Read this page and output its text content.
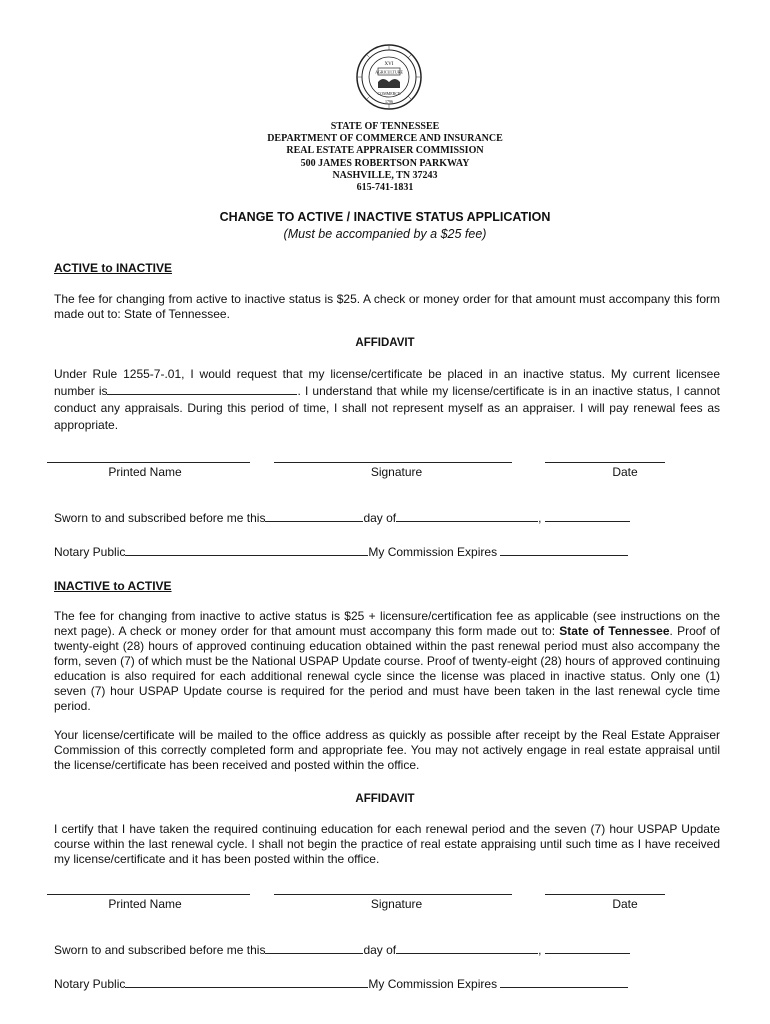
AGRICULTURE
XVI
COMMERCE
1796
STATE OF TENNESSEE
DEPARTMENT OF COMMERCE AND INSURANCE
REAL ESTATE APPRAISER COMMISSION
500 JAMES ROBERTSON PARKWAY
NASHVILLE, TN 37243
615-741-1831
CHANGE TO ACTIVE / INACTIVE STATUS APPLICATION
(Must be accompanied by a $25 fee)
ACTIVE to INACTIVE
The fee for changing from active to inactive status is $25. A check or money order for that amount must accompany this form made out to: State of Tennessee.
AFFIDAVIT
Under Rule 1255-7-.01, I would request that my license/certificate be placed in an inactive status. My current licensee number is	. I understand that while my license/certificate is in an inactive status, I cannot conduct any appraisals. During this period of time, I shall not represent myself as an appraiser. I will pay renewal fees as appropriate.
Printed Name	Signature	Date
Sworn to and subscribed before me this	day of	,
Notary Public	My Commission Expires
INACTIVE to ACTIVE
The fee for changing from inactive to active status is $25 + licensure/certification fee as applicable (see instructions on the next page). A check or money order for that amount must accompany this form made out to: State of Tennessee. Proof of twenty-eight (28) hours of approved continuing education obtained within the past renewal period must also accompany the form, seven (7) of which must be the National USPAP Update course. Proof of twenty-eight (28) hours of approved continuing education is also required for each additional renewal cycle since the license was placed in inactive status. Only one (1) seven (7) hour USPAP Update course is required for the period and must have been taken in the last renewal cycle time period.
Your license/certificate will be mailed to the office address as quickly as possible after receipt by the Real Estate Appraiser Commission of this correctly completed form and appropriate fee. You may not actively engage in real estate appraisal until the license/certificate has been received and posted within the office.
AFFIDAVIT
I certify that I have taken the required continuing education for each renewal period and the seven (7) hour USPAP Update course within the last renewal cycle. I shall not begin the practice of real estate appraising until such time as I have received my license/certificate and it has been posted within the office.
Printed Name	Signature	Date
Sworn to and subscribed before me this	day of	,
Notary Public	My Commission Expires
